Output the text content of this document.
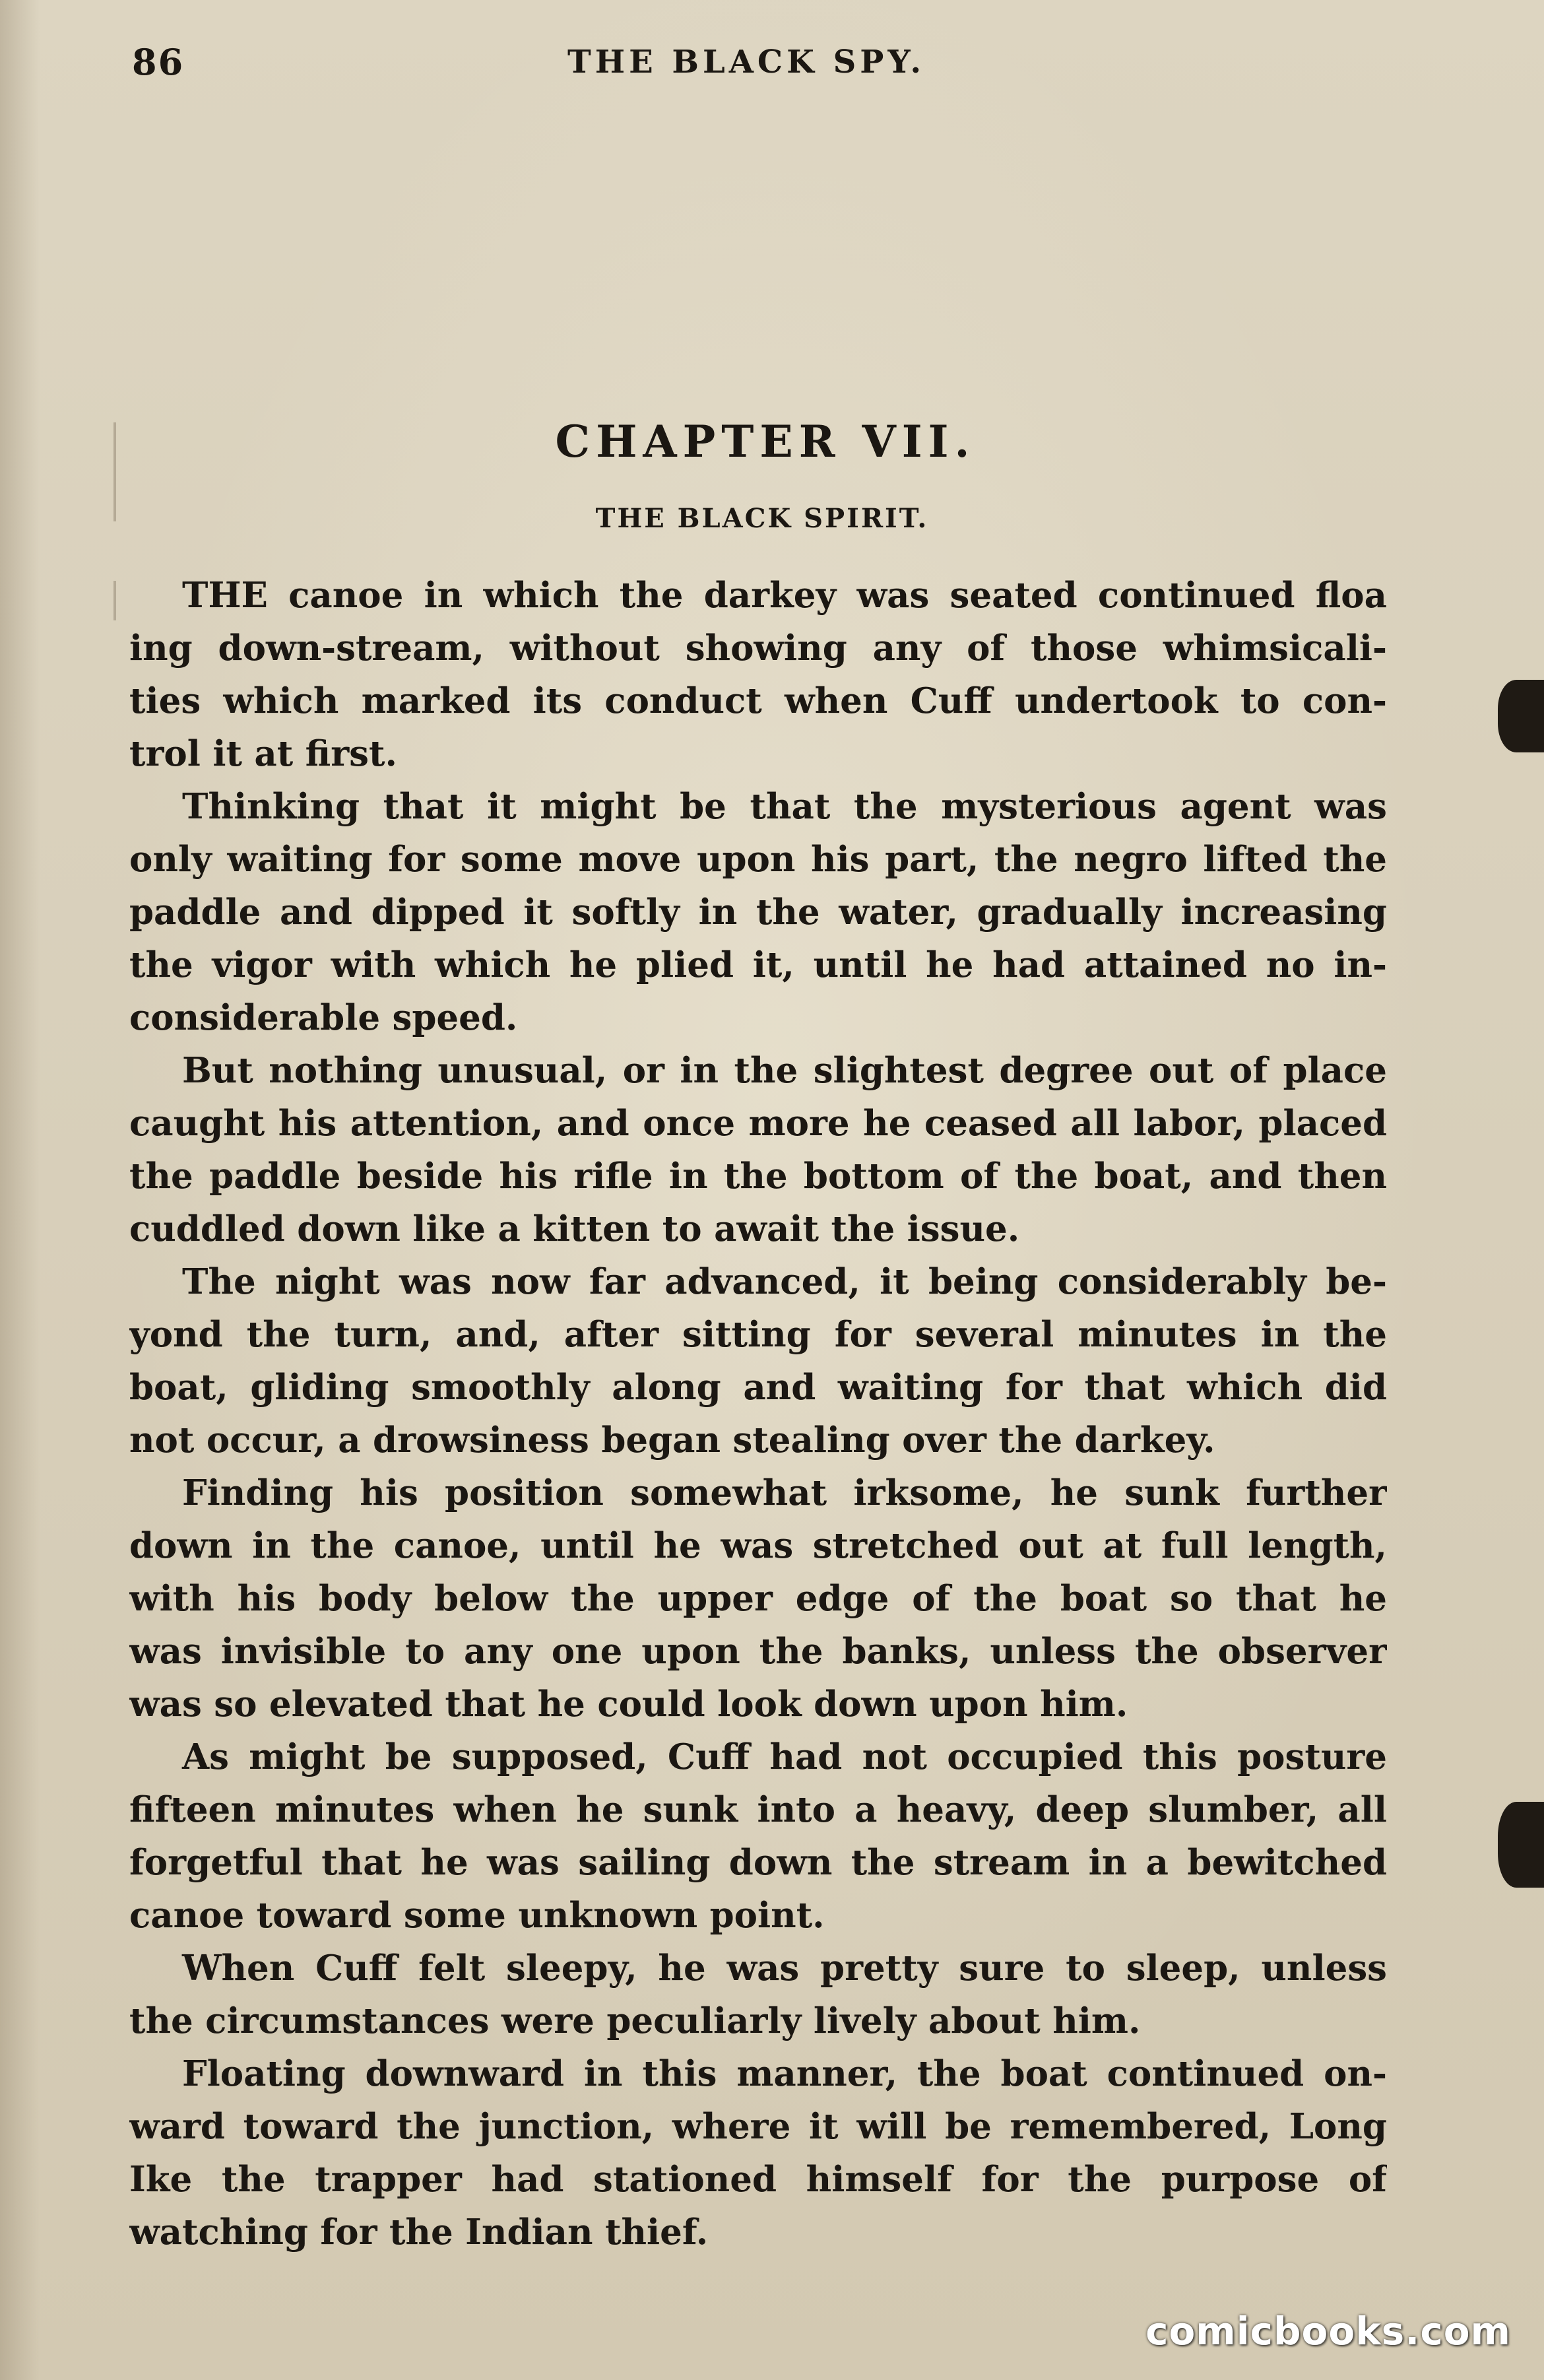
86	THE BLACK SPY.
CHAPTER VII.
THE BLACK SPIRIT.
THE canoe in which the darkey was seated continued floa
ing down-stream, without showing any of those whimsicali-
ties which marked its conduct when Cuff undertook to con-
trol it at first.
Thinking that it might be that the mysterious agent was
only waiting for some move upon his part, the negro lifted the
paddle and dipped it softly in the water, gradually increasing
the vigor with which he plied it, until he had attained no in-
considerable speed.
But nothing unusual, or in the slightest degree out of place
caught his attention, and once more he ceased all labor, placed
the paddle beside his rifle in the bottom of the boat, and then
cuddled down like a kitten to await the issue.
The night was now far advanced, it being considerably be-
yond the turn, and, after sitting for several minutes in the
boat, gliding smoothly along and waiting for that which did
not occur, a drowsiness began stealing over the darkey.
Finding his position somewhat irksome, he sunk further
down in the canoe, until he was stretched out at full length,
with his body below the upper edge of the boat so that he
was invisible to any one upon the banks, unless the observer
was so elevated that he could look down upon him.
As might be supposed, Cuff had not occupied this posture
fifteen minutes when he sunk into a heavy, deep slumber, all
forgetful that he was sailing down the stream in a bewitched
canoe toward some unknown point.
When Cuff felt sleepy, he was pretty sure to sleep, unless
the circumstances were peculiarly lively about him.
Floating downward in this manner, the boat continued on-
ward toward the junction, where it will be remembered, Long
Ike the trapper had stationed himself for the purpose of
watching for the Indian thief.
comicbooks.com
